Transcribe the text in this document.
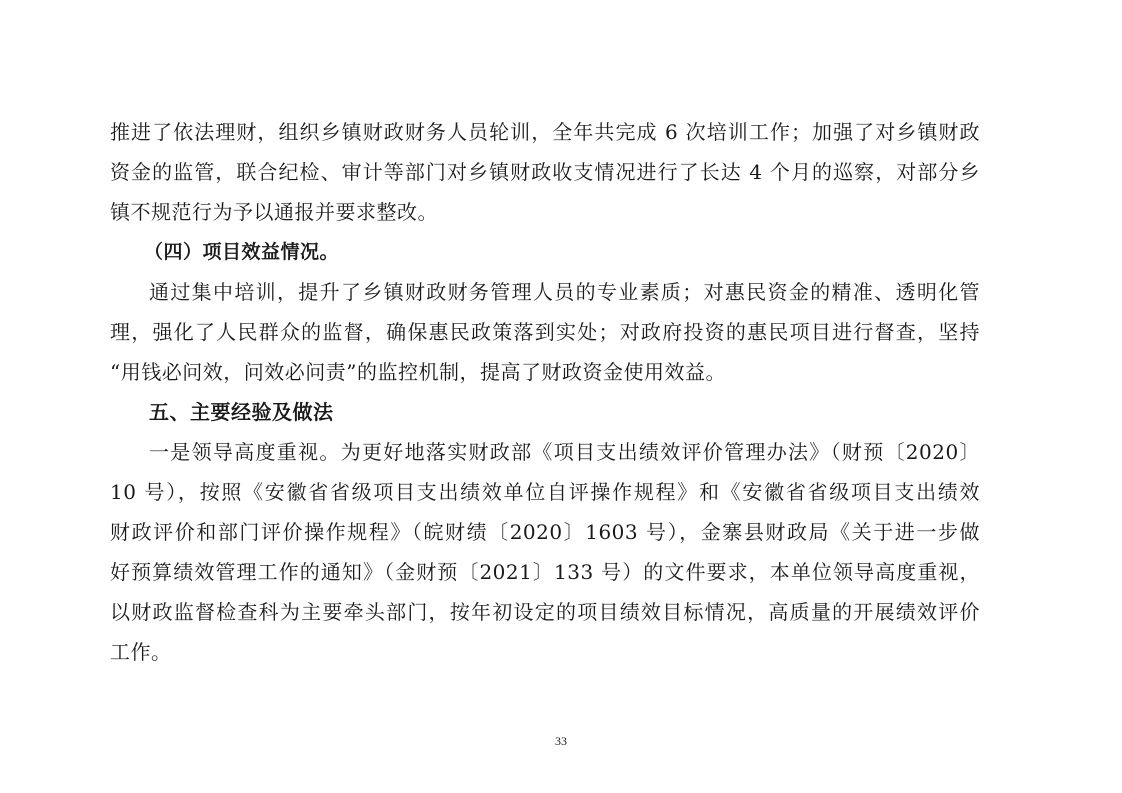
推进了依法理财，组织乡镇财政财务人员轮训，全年共完成 6 次培训工作；加强了对乡镇财政
资金的监管，联合纪检、审计等部门对乡镇财政收支情况进行了长达 4 个月的巡察，对部分乡
镇不规范行为予以通报并要求整改。
（四）项目效益情况。
通过集中培训，提升了乡镇财政财务管理人员的专业素质；对惠民资金的精准、透明化管
理，强化了人民群众的监督，确保惠民政策落到实处；对政府投资的惠民项目进行督查，坚持
“用钱必问效，问效必问责”的监控机制，提高了财政资金使用效益。
五、主要经验及做法
一是领导高度重视。为更好地落实财政部《项目支出绩效评价管理办法》（财预〔2020〕
10 号），按照《安徽省省级项目支出绩效单位自评操作规程》和《安徽省省级项目支出绩效
财政评价和部门评价操作规程》（皖财绩〔2020〕1603 号），金寨县财政局《关于进一步做
好预算绩效管理工作的通知》（金财预〔2021〕133 号）的文件要求，本单位领导高度重视，
以财政监督检查科为主要牵头部门，按年初设定的项目绩效目标情况，高质量的开展绩效评价
工作。
33
